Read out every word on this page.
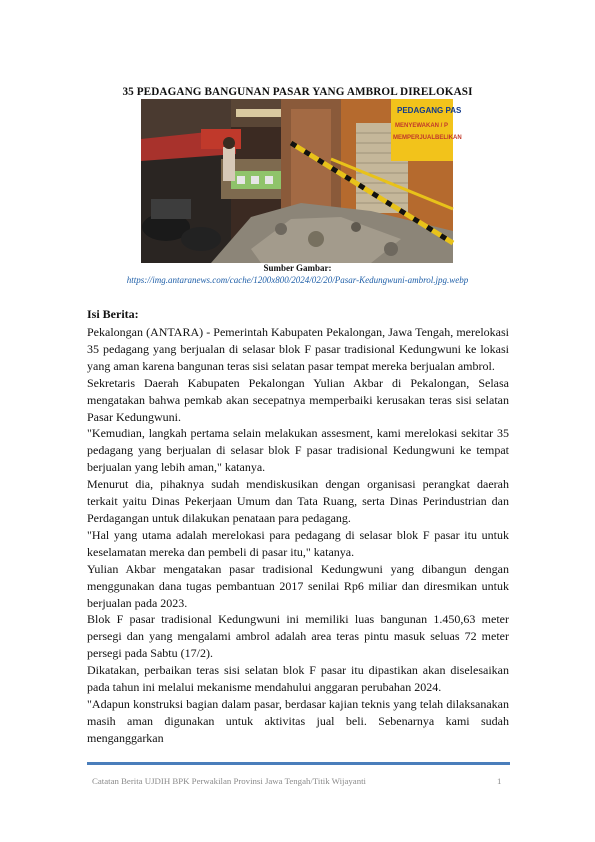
35 PEDAGANG BANGUNAN PASAR YANG AMBROL DIRELOKASI
PEDAGANG PAS
MENYEWAKAN / P
MEMPERJUALBELIKAN
Sumber Gambar:
https://img.antaranews.com/cache/1200x800/2024/02/20/Pasar-Kedungwuni-ambrol.jpg.webp
Isi Berita:

Pekalongan (ANTARA) - Pemerintah Kabupaten Pekalongan, Jawa Tengah, merelokasi 35 pedagang yang berjualan di selasar blok F pasar tradisional Kedungwuni ke lokasi yang aman karena bangunan teras sisi selatan pasar tempat mereka berjualan ambrol.

Sekretaris Daerah Kabupaten Pekalongan Yulian Akbar di Pekalongan, Selasa mengatakan bahwa pemkab akan secepatnya memperbaiki kerusakan teras sisi selatan Pasar Kedungwuni.

"Kemudian, langkah pertama selain melakukan assesment, kami merelokasi sekitar 35 pedagang yang berjualan di selasar blok F pasar tradisional Kedungwuni ke tempat berjualan yang lebih aman," katanya.

Menurut dia, pihaknya sudah mendiskusikan dengan organisasi perangkat daerah terkait yaitu Dinas Pekerjaan Umum dan Tata Ruang, serta Dinas Perindustrian dan Perdagangan untuk dilakukan penataan para pedagang.

"Hal yang utama adalah merelokasi para pedagang di selasar blok F pasar itu untuk keselamatan mereka dan pembeli di pasar itu," katanya.

Yulian Akbar mengatakan pasar tradisional Kedungwuni yang dibangun dengan menggunakan dana tugas pembantuan 2017 senilai Rp6 miliar dan diresmikan untuk berjualan pada 2023.

Blok F pasar tradisional Kedungwuni ini memiliki luas bangunan 1.450,63 meter persegi dan yang mengalami ambrol adalah area teras pintu masuk seluas 72 meter persegi pada Sabtu (17/2).

Dikatakan, perbaikan teras sisi selatan blok F pasar itu dipastikan akan diselesaikan pada tahun ini melalui mekanisme mendahului anggaran perubahan 2024.

"Adapun konstruksi bagian dalam pasar, berdasar kajian teknis yang telah dilaksanakan masih aman digunakan untuk aktivitas jual beli. Sebenarnya kami sudah menganggarkan

Catatan Berita UJDIH BPK Perwakilan Provinsi Jawa Tengah/Titik Wijayanti	1
